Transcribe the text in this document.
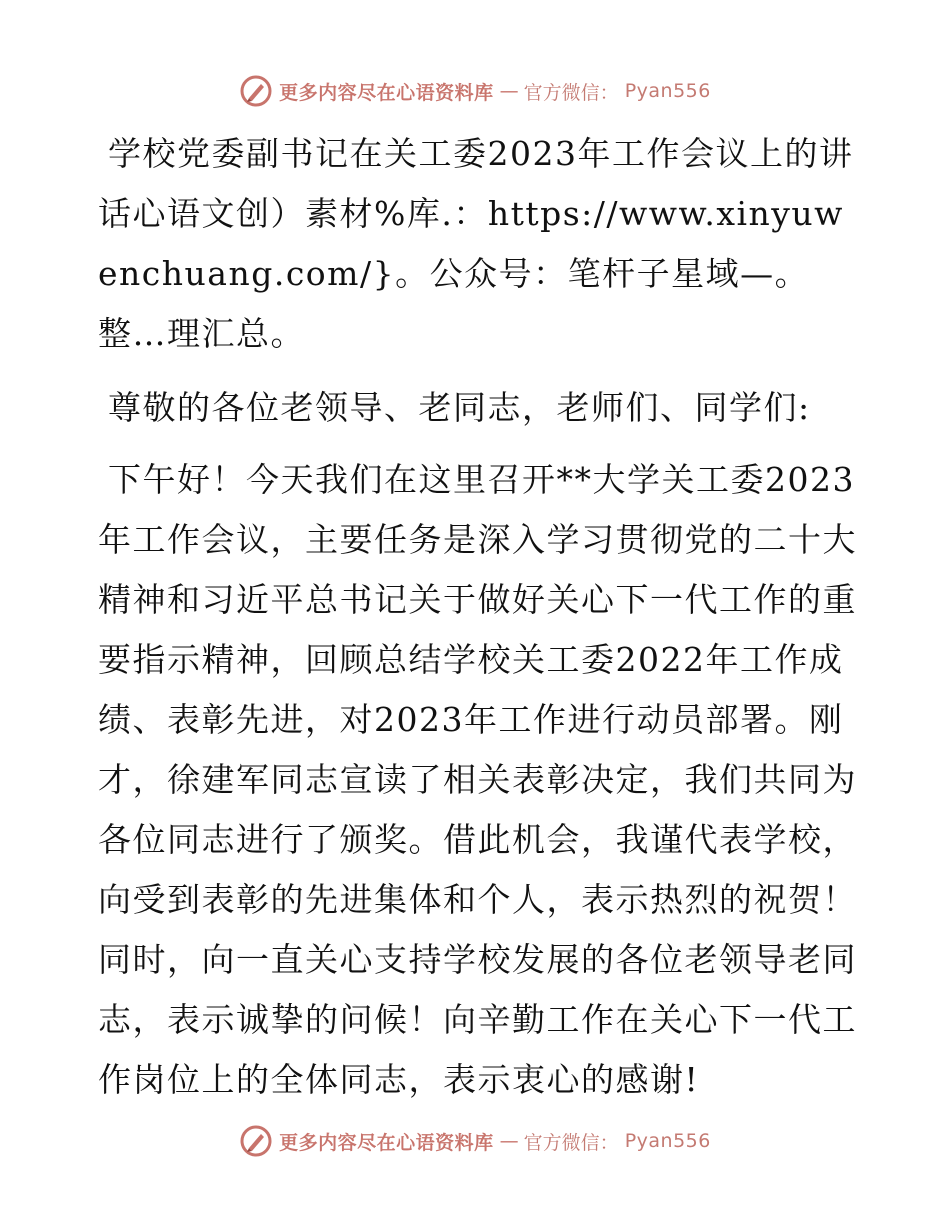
更多内容尽在心语资料库 — 官方微信： Pyan556

学校党委副书记在关工委2023年工作会议上的讲话心语文创）素材%库.：https://www.xinyuwenchuang.com/}。公众号：笔杆子星域—。整…理汇总。

尊敬的各位老领导、老同志，老师们、同学们:

下午好！今天我们在这里召开**大学关工委2023年工作会议，主要任务是深入学习贯彻党的二十大精神和习近平总书记关于做好关心下一代工作的重要指示精神，回顾总结学校关工委2022年工作成绩、表彰先进，对2023年工作进行动员部署。刚才，徐建军同志宣读了相关表彰决定，我们共同为各位同志进行了颁奖。借此机会，我谨代表学校，向受到表彰的先进集体和个人，表示热烈的祝贺！同时，向一直关心支持学校发展的各位老领导老同志，表示诚挚的问候！向辛勤工作在关心下一代工作岗位上的全体同志，表示衷心的感谢!

更多内容尽在心语资料库 — 官方微信： Pyan556
